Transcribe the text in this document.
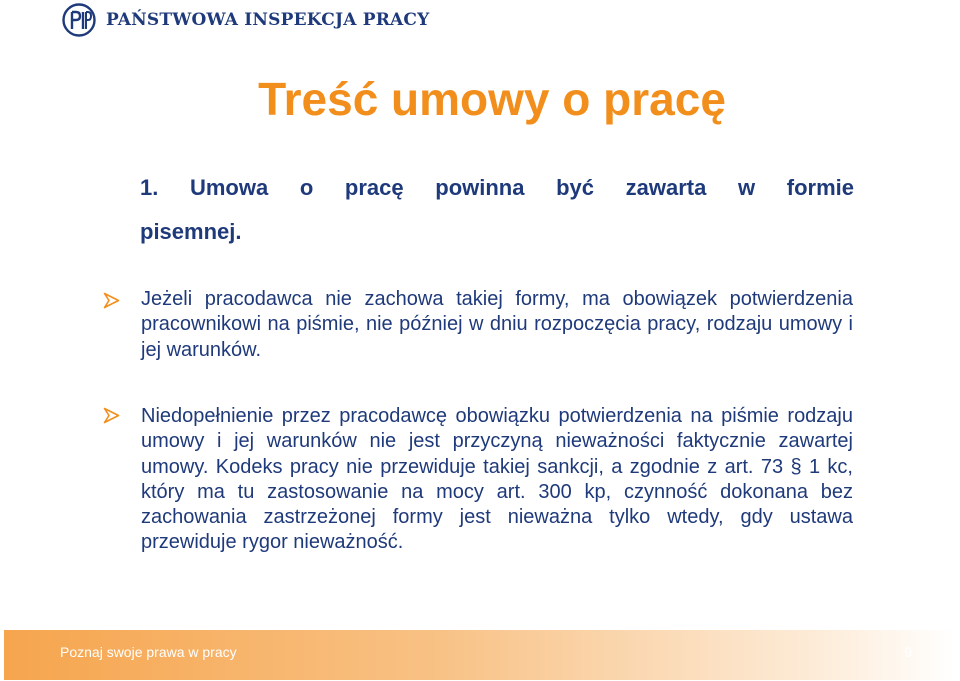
PAŃSTWOWA INSPEKCJA PRACY
Treść umowy o pracę
1. Umowa o pracę powinna być zawarta w formie
pisemnej.
Jeżeli pracodawca nie zachowa takiej formy, ma obowiązek potwierdzenia pracownikowi na piśmie, nie później w dniu rozpoczęcia pracy, rodzaju umowy i jej warunków.
Niedopełnienie przez pracodawcę obowiązku potwierdzenia na piśmie rodzaju umowy i jej warunków nie jest przyczyną nieważności faktycznie zawartej umowy. Kodeks pracy nie przewiduje takiej sankcji, a zgodnie z art. 73 § 1 kc, który ma tu zastosowanie na mocy art. 300 kp, czynność dokonana bez zachowania zastrzeżonej formy jest nieważna tylko wtedy, gdy ustawa przewiduje rygor nieważność.
Poznaj swoje prawa w pracy	9
